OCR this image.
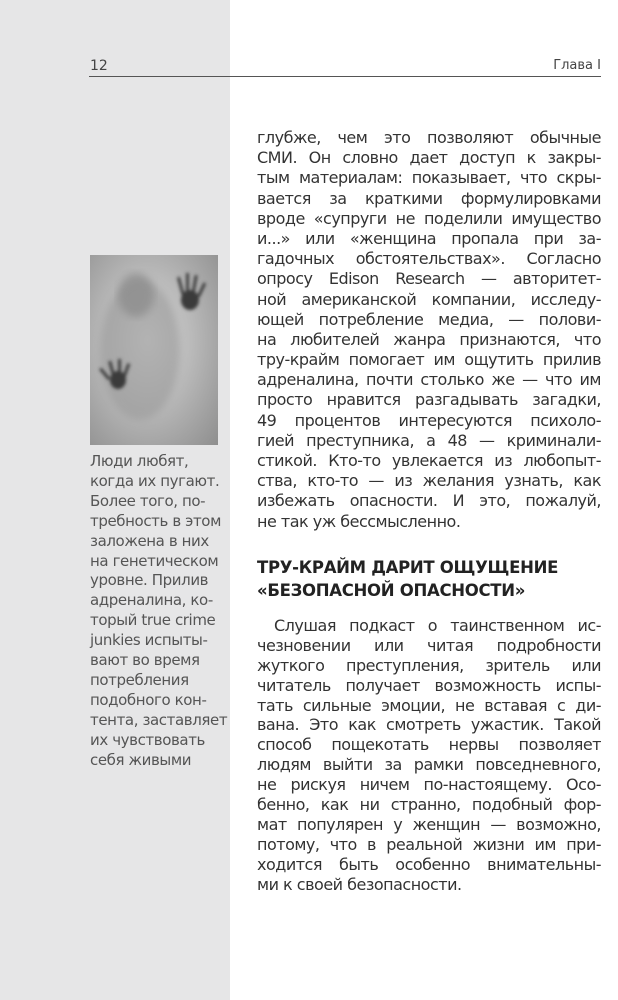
12	Глава I
Люди любят,
когда их пугают.
Более того, по-
требность в этом
заложена в них
на генетическом
уровне. Прилив
адреналина, ко-
торый true crime
junkies испыты-
вают во время
потребления
подобного кон-
тента, заставляет
их чувствовать
себя живыми
глубже, чем это позволяют обычные
СМИ. Он словно дает доступ к закры-
тым материалам: показывает, что скры-
вается за краткими формулировками
вроде «супруги не поделили имущество
и...» или «женщина пропала при за-
гадочных обстоятельствах». Согласно
опросу Edison Research — авторитет-
ной американской компании, исследу-
ющей потребление медиа, — полови-
на любителей жанра признаются, что
тру-крайм помогает им ощутить прилив
адреналина, почти столько же — что им
просто нравится разгадывать загадки,
49 процентов интересуются психоло-
гией преступника, а 48 — криминали-
стикой. Кто-то увлекается из любопыт-
ства, кто-то — из желания узнать, как
избежать опасности. И это, пожалуй,
не так уж бессмысленно.
ТРУ-КРАЙМ ДАРИТ ОЩУЩЕНИЕ
«БЕЗОПАСНОЙ ОПАСНОСТИ»
Слушая подкаст о таинственном ис-
чезновении или читая подробности
жуткого преступления, зритель или
читатель получает возможность испы-
тать сильные эмоции, не вставая с ди-
вана. Это как смотреть ужастик. Такой
способ пощекотать нервы позволяет
людям выйти за рамки повседневного,
не рискуя ничем по-настоящему. Осо-
бенно, как ни странно, подобный фор-
мат популярен у женщин — возможно,
потому, что в реальной жизни им при-
ходится быть особенно внимательны-
ми к своей безопасности.
